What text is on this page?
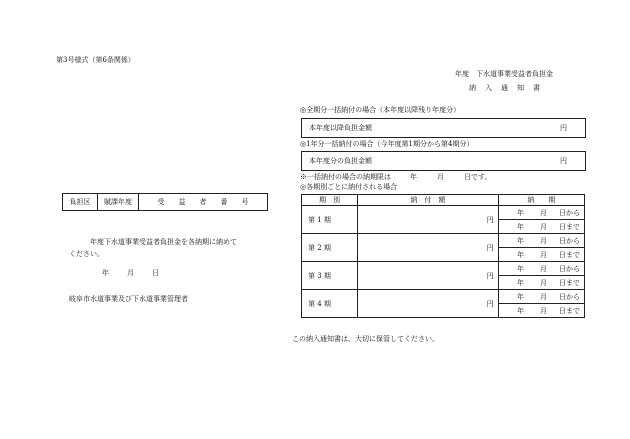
第3号様式（第6条関係）
年度　下水道事業受益者負担金
納　入　通　知　書
◎全期分一括納付の場合（本年度以降残り年度分）
本年度以降負担金額	円
◎1年分一括納付の場合（今年度第1期分から第4期分）
本年度分の負担金額	円
※一括納付の場合の納期限は	年	月	日です。
◎各期別ごとに納付される場合
期　別	納　付　額	納　　期
第 1 期	円	年 月 日から
		年 月 日まで
第 2 期	円	年 月 日から
		年 月 日まで
第 3 期	円	年 月 日から
		年 月 日まで
第 4 期	円	年 月 日から
		年 月 日まで
負担区	賦課年度	受　　益　　者　　番　　号
年度下水道事業受益者負担金を各納期に納めて
ください。
年	月	日
岐阜市水道事業及び下水道事業管理者
この納入通知書は、大切に保管してください。
